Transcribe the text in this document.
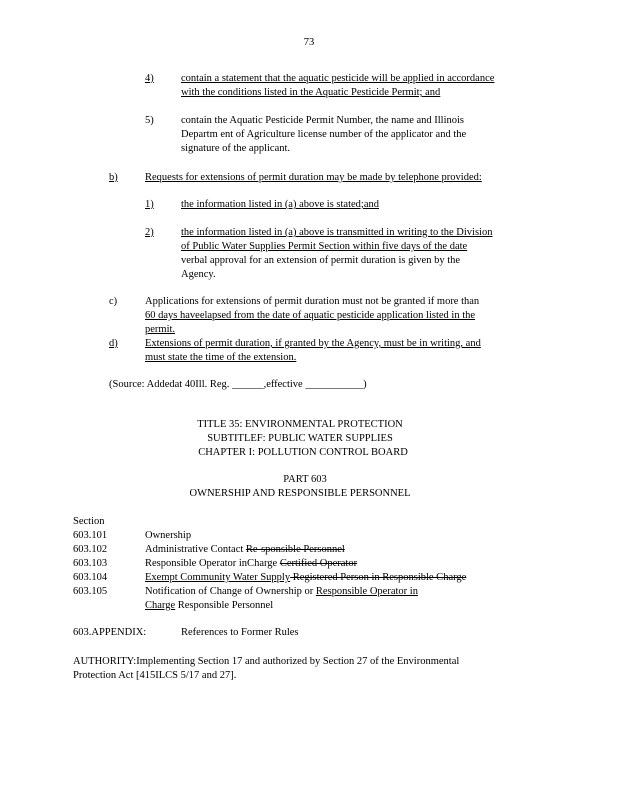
73
4)	contain a statement that the aquatic pesticide will be applied in accordance
with the conditions listed in the Aquatic Pesticide Permit; and
5)	contain the Aquatic Pesticide Permit Number, the name and Illinois
Departm ent of Agriculture license number of the applicator and the
signature of the applicant.
b)	Requests for extensions of permit duration may be made by telephone provided:
1)	the information listed in (a) above is stated;and
2)	the information listed in (a) above is transmitted in writing to the Division
of Public Water Supplies Permit Section within five days of the date
verbal approval for an extension of permit duration is given by the
Agency.
c)	Applications for extensions of permit duration must not be granted if more than
60 days haveelapsed from the date of aquatic pesticide application listed in the
permit.
d)	Extensions of permit duration, if granted by the Agency, must be in writing, and
must state the time of the extension.
(Source: Addedat 40Ill. Reg. ______,effective ___________)
TITLE 35: ENVIRONMENTAL PROTECTION
SUBTITLEF: PUBLIC WATER SUPPLIES
CHAPTER I: POLLUTION CONTROL BOARD
PART 603
OWNERSHIP AND RESPONSIBLE PERSONNEL
Section
603.101	Ownership
603.102	Administrative Contact Re-sponsible Personnel
603.103	Responsible Operator inCharge Certified Operator
603.104	Exempt Community Water Supply Registered Person in Responsible Charge
603.105	Notification of Change of Ownership or Responsible Operator in
Charge Responsible Personnel
603.APPENDIX:	References to Former Rules
AUTHORITY:Implementing Section 17 and authorized by Section 27 of the Environmental
Protection Act [415ILCS 5/17 and 27].
